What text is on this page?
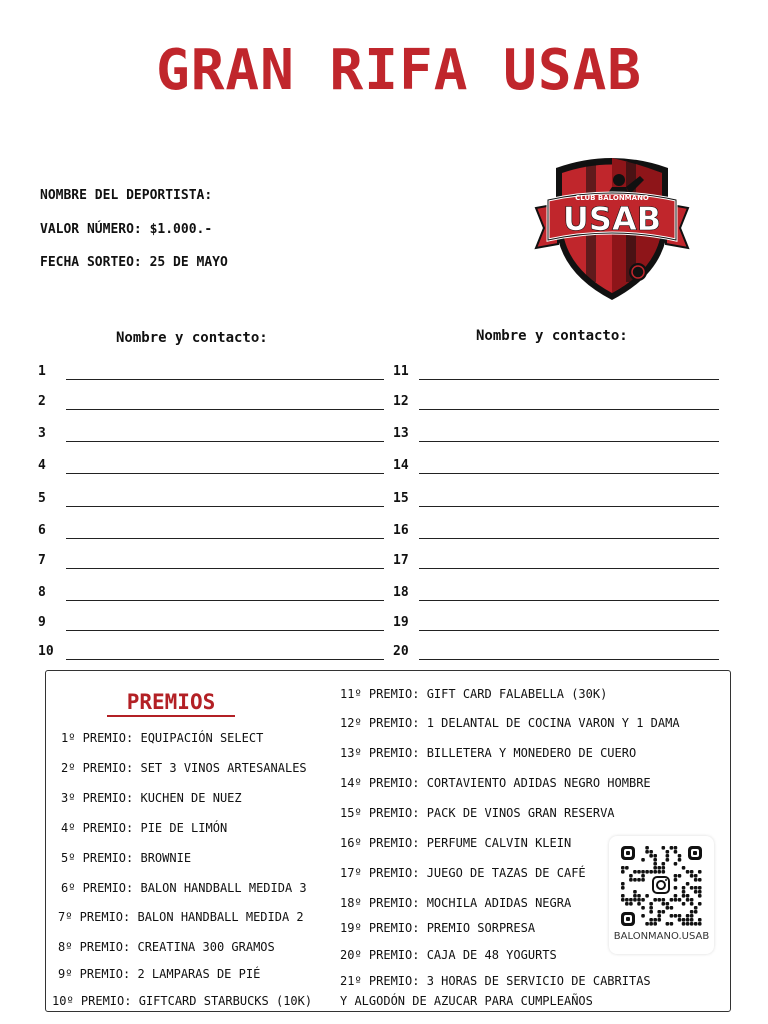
GRAN RIFA USAB
NOMBRE DEL DEPORTISTA:
VALOR NÚMERO: $1.000.-
FECHA SORTEO: 25 DE MAYO
CLUB BALONMANO
USAB
Nombre y contacto:	Nombre y contacto:
1
2
3
4
5
6
7
8
9
10
11
12
13
14
15
16
17
18
19
20
PREMIOS
1º PREMIO: EQUIPACIÓN SELECT
2º PREMIO: SET 3 VINOS ARTESANALES
3º PREMIO: KUCHEN DE NUEZ
4º PREMIO: PIE DE LIMÓN
5º PREMIO: BROWNIE
6º PREMIO: BALON HANDBALL MEDIDA 3
7º PREMIO: BALON HANDBALL MEDIDA 2
8º PREMIO: CREATINA 300 GRAMOS
9º PREMIO: 2 LAMPARAS DE PIÉ
10º PREMIO: GIFTCARD STARBUCKS (10K)
11º PREMIO: GIFT CARD FALABELLA (30K)
12º PREMIO: 1 DELANTAL DE COCINA VARON Y 1 DAMA
13º PREMIO: BILLETERA Y MONEDERO DE CUERO
14º PREMIO: CORTAVIENTO ADIDAS NEGRO HOMBRE
15º PREMIO: PACK DE VINOS GRAN RESERVA
16º PREMIO: PERFUME CALVIN KLEIN
17º PREMIO: JUEGO DE TAZAS DE CAFÉ
18º PREMIO: MOCHILA ADIDAS NEGRA
19º PREMIO: PREMIO SORPRESA
20º PREMIO: CAJA DE 48 YOGURTS
21º PREMIO: 3 HORAS DE SERVICIO DE CABRITAS
Y ALGODÓN DE AZUCAR PARA CUMPLEAÑOS
BALONMANO.USAB
